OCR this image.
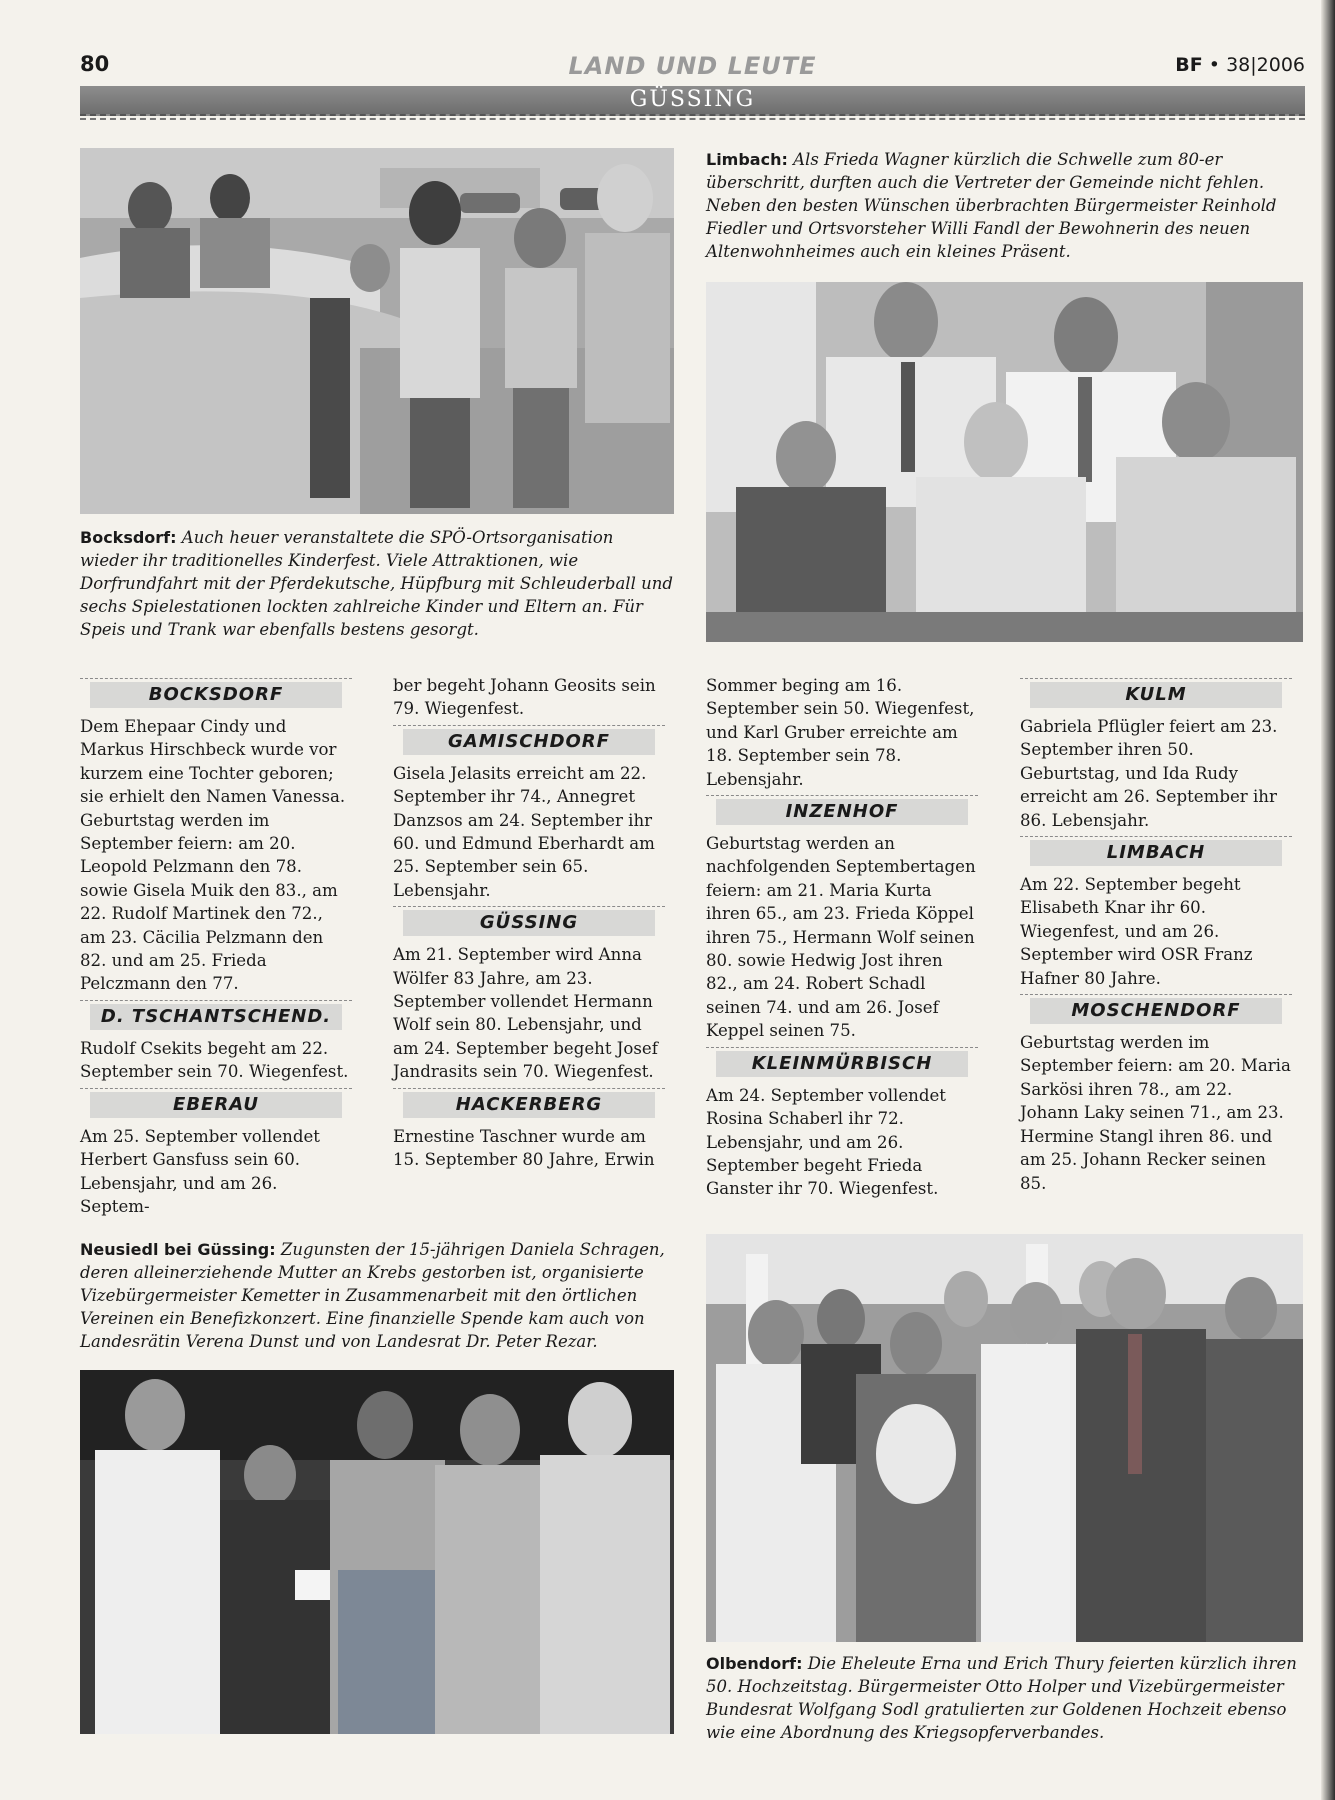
80	LAND UND LEUTE	BF • 38|2006
GÜSSING
Bocksdorf: Auch heuer veranstaltete die SPÖ-Ortsorganisation wieder ihr traditionelles Kinderfest. Viele Attraktionen, wie Dorfrundfahrt mit der Pferdekutsche, Hüpfburg mit Schleuderball und sechs Spielestationen lockten zahlreiche Kinder und Eltern an. Für Speis und Trank war ebenfalls bestens gesorgt.
Limbach: Als Frieda Wagner kürzlich die Schwelle zum 80-er überschritt, durften auch die Vertreter der Gemeinde nicht fehlen. Neben den besten Wünschen überbrachten Bürgermeister Reinhold Fiedler und Ortsvorsteher Willi Fandl der Bewohnerin des neuen Altenwohnheimes auch ein kleines Präsent.
Neusiedl bei Güssing: Zugunsten der 15-jährigen Daniela Schragen, deren alleinerziehende Mutter an Krebs gestorben ist, organisierte Vizebürgermeister Kemetter in Zusammenarbeit mit den örtlichen Vereinen ein Benefizkonzert. Eine finanzielle Spende kam auch von Landesrätin Verena Dunst und von Landesrat Dr. Peter Rezar.
Olbendorf: Die Eheleute Erna und Erich Thury feierten kürzlich ihren 50. Hochzeitstag. Bürgermeister Otto Holper und Vizebürgermeister Bundesrat Wolfgang Sodl gratulierten zur Goldenen Hochzeit ebenso wie eine Abordnung des Kriegsopferverbandes.
BOCKSDORF

Dem Ehepaar Cindy und Markus Hirschbeck wurde vor kurzem eine Tochter geboren; sie erhielt den Namen Vanessa. Geburtstag werden im September feiern: am 20. Leopold Pelzmann den 78. sowie Gisela Muik den 83., am 22. Rudolf Martinek den 72., am 23. Cäcilia Pelzmann den 82. und am 25. Frieda Pelczmann den 77.

D. TSCHANTSCHEND.

Rudolf Csekits begeht am 22. September sein 70. Wiegenfest.

EBERAU

Am 25. September vollendet Herbert Gansfuss sein 60. Lebensjahr, und am 26. Septem-

ber begeht Johann Geosits sein 79. Wiegenfest.

GAMISCHDORF

Gisela Jelasits erreicht am 22. September ihr 74., Annegret Danzsos am 24. September ihr 60. und Edmund Eberhardt am 25. September sein 65. Lebensjahr.

GÜSSING

Am 21. September wird Anna Wölfer 83 Jahre, am 23. September vollendet Hermann Wolf sein 80. Lebensjahr, und am 24. September begeht Josef Jandrasits sein 70. Wiegenfest.

HACKERBERG

Ernestine Taschner wurde am 15. September 80 Jahre, Erwin

Sommer beging am 16. September sein 50. Wiegenfest, und Karl Gruber erreichte am 18. September sein 78. Lebensjahr.

INZENHOF

Geburtstag werden an nachfolgenden Septembertagen feiern: am 21. Maria Kurta ihren 65., am 23. Frieda Köppel ihren 75., Hermann Wolf seinen 80. sowie Hedwig Jost ihren 82., am 24. Robert Schadl seinen 74. und am 26. Josef Keppel seinen 75.

KLEINMÜRBISCH

Am 24. September vollendet Rosina Schaberl ihr 72. Lebensjahr, und am 26. September begeht Frieda Ganster ihr 70. Wiegenfest.

KULM

Gabriela Pflügler feiert am 23. September ihren 50. Geburtstag, und Ida Rudy erreicht am 26. September ihr 86. Lebensjahr.

LIMBACH

Am 22. September begeht Elisabeth Knar ihr 60. Wiegenfest, und am 26. September wird OSR Franz Hafner 80 Jahre.

MOSCHENDORF

Geburtstag werden im September feiern: am 20. Maria Sarkösi ihren 78., am 22. Johann Laky seinen 71., am 23. Hermine Stangl ihren 86. und am 25. Johann Recker seinen 85.
